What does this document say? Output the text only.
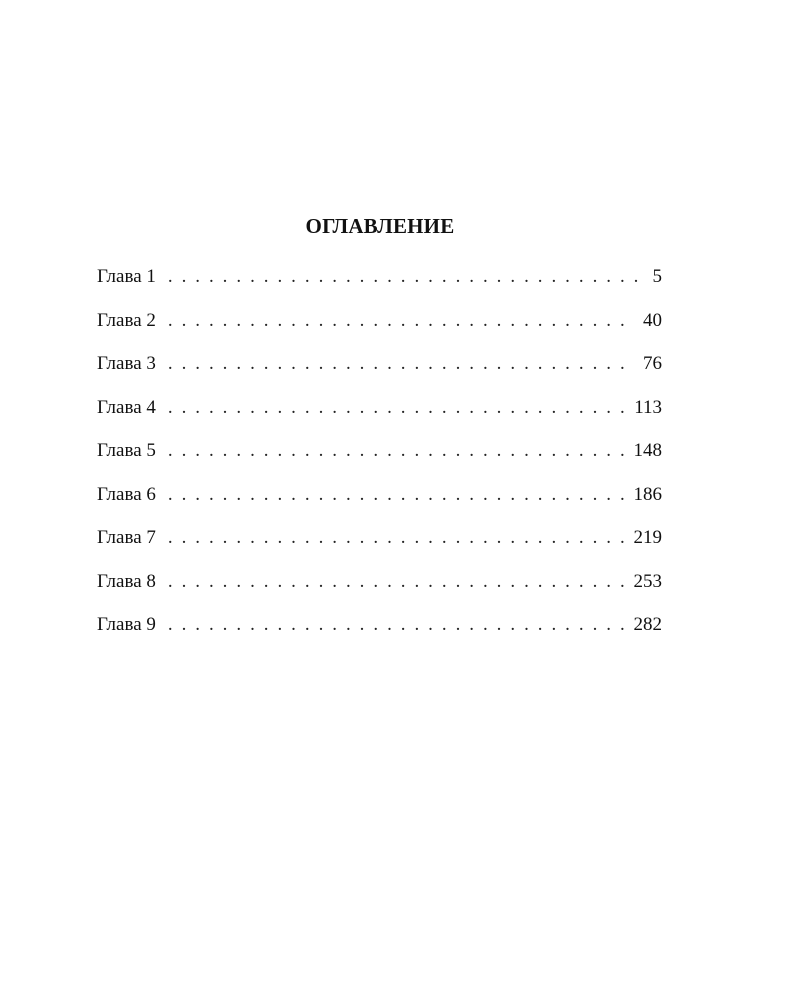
ОГЛАВЛЕНИЕ
Глава 1 . . .	5
Глава 2 . . .	40
Глава 3 . . .	76
Глава 4 . . .	113
Глава 5 . . .	148
Глава 6 . . .	186
Глава 7 . . .	219
Глава 8 . . .	253
Глава 9 . . .	282
